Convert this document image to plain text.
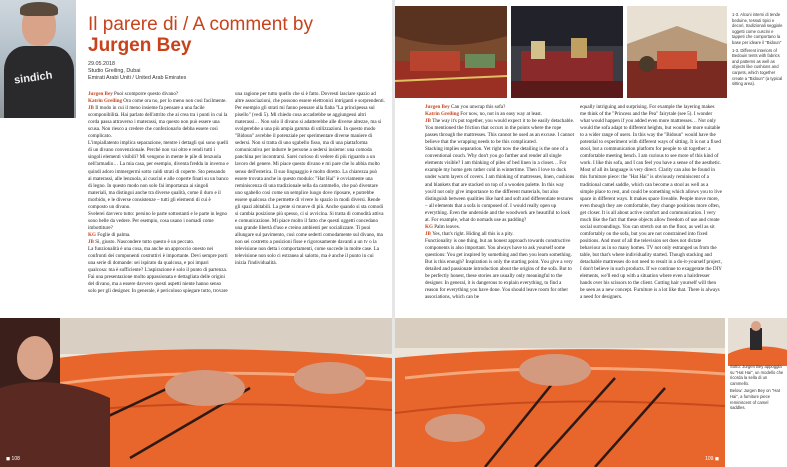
sindich
Il parere di / A comment by
Jurgen Bey
29.05.2018
Studio Greiling, Dubai
Emirati Arabi Uniti / United Arab Emirates

Jurgen Bey Puoi scomporre questo divano?

Katrin Greiling Ora come ora no, per lo meno non così facilmente.

JB Il modo in cui il meno insieme fa pensare a una facile scomponibilità. Hai parlato dell'attrito che ai crea tra i punti in cui la corda passa attraverso i materassi, ma questo non può essere una scusa. Non riesco a credere che confezionarlo debba essere così complicato.

L'impiallatento implica separazione, mentre i dettagli qui sono quelli di un divano convenzionale. Perché non vai oltre e rendi tutti i singoli elementi visibili? Mi vengono in mente le pile di lenzuola nell'armadio… La mia casa, per esempio, diventa fredda in inverno e quindi adoro immergermi sotto caldi strati di coperte. Sto pensando ai materassi, alle lenzuola, ai cuscini e alle coperte finati su un banco di legno. In questo modo non solo fai importanza ai singoli materiali, ma distingui anche tra diverse qualità, come il duro e il morbido, e le diverse consistenze – tutti gli elementi di cui è composto un divano.

Svelerei davvero tutto: persino le parte sottostanti e le parte in legno sono belle da vedere. Per esempio, cosa usano i nomadi come imbottiture?

KG Foglie di palma.

JB Sì, giusto. Nascondere tutto questo è un peccato.

La funzionalità è una cosa, ma anche un approccio onesto nei confronti dei componenti costruttivi è importante. Devi sempre porti una serie di domande: sei ispirato da qualcosa, e poi impari qualcosa: ma è sufficiente? L'aspirazione è solo il punto di partenza. Fai una presentazione molto appassionata e dettagliata delle origini del divano, ma a essere davvero questi aspetti niente hanno senso solo per gli designer. In generale, è pericoloso spiegare tutto, trovare

una ragione per tutto quello che si è fatto. Dovresti lasciare spazio ad altre associazioni, che possono essere elettronici intriganti e sorprendenti. Per esempio gli strati mi fanno pensare alla fiaba "La principessa sul pisello" (vedi 5). Mi chiedo cosa accadrebbe se aggiungessi altri materassi… Non solo il divano si adatterebbe alle diverse altezze, ma si svolgerebbe a una più ampia gamma di utilizzazioni. In questo modo "Bidoun" avrebbe il potenziale per sperimentare diverse maniere di sedersi. Non si tratta di uno sgabello fisso, ma di una piattaforma comunicativa per indurre le persone a sedersi insieme: una comoda panchina per incontrarsi. Sarei curioso di vedere di più riguardo a un lavoro del genere. Mi piace questo divano e mi pare che lo abbia molto senso dell'estetica. Il suo linguaggio è molto diretto. La chiarezza può essere trovata anche in questo modulo: "Hat Hai" è ovviamente una reminiscenza di una tradizionale sella da cammello, che può diventare uno sgabello così come un semplice luogo dove riposare, e potrebbe essere qualcosa che permette di vivere lo spazio in modi diversi. Rende gli spazi abitabili. La gente si muove di più. Anche quando si sta comodi si cambia posizione più spesso, ci si avvicina. Si tratta di comodità attiva e comunicazione. Mi piace molto il fatto che questi oggetti concedano una grande libertà d'uso e creino ambienti per socializzare. Ti puoi allungare sul pavimento, così come sederti comodamente sul divano, ma non sei costretto a posizioni fisse e rigorosamente davanti a un tv o la televisione non detta i comportamenti, come succede in molte case. La televisione non solo ci estranea al salotto, ma è anche il punto in cui inizia l'individualità.

◼ 108

1-3. Alcuni interni di tende beduine, tessuti tipici e decori, tradizionali seggiole oggetti come cuscini e tappeti che comportano la base per ideare il "Bidoun"

1-3. Different interiors of Bedouin tents with fabrics and patterns as well as objects like cushions and carpets, which together create a "Bidoun" (a typical sitting area).

Jurgen Bey Can you unwrap this sofa?

Katrin Greiling For now, no, not in an easy way at least.

JB The way it's put together, you would expect it to be easily detachable. You mentioned the friction that occurs in the points where the rope passes through the mattresses. This cannot be used as an excuse. I cannot believe that the wrapping needs to be this complicated.

Stacking implies separation. Yet right now the detailing is the one of a conventional couch. Why don't you go further and render all single elements visible? I am thinking of piles of bed linen in a closet… For example my home gets rather cold in wintertime. Then I love to duck under warm layers of covers. I am thinking of mattresses, linen, cushions and blankets that are stacked on top of a wooden palette. In this way you'd not only give importance to the different materials, but also distinguish between qualities like hard and soft and differentiate textures – all elements that a sofa is composed of. I would really open up everything. Even the underside and the woodwork are beautiful to look at. For example, what do nomads use as padding?

KG Palm leaves.

JB Yes, that's right. Hiding all this is a pity.

Functionality is one thing, but an honest approach towards constructive components is also important. You always have to ask yourself some questions: You get inspired by something and then you learn something. But is this enough? Inspiration is only the starting point. You give a very detailed and passionate introduction about the origins of the sofa. But to be perfectly honest, these stories are usually only meaningful to the designer. In general, it is dangerous to explain everything, to find a reason for everything you have done. You should leave room for other associations, which can be

equally intriguing and surprising. For example the layering makes me think of the "Princess and the Pea" fairytale (see 5). I wonder what would happen if you added even more mattresses… Not only would the sofa adapt to different heights, but would be more suitable to a wider range of users. In this way the "Bidoun" would have the potential to experiment with different ways of sitting. It is not a fixed stool, but a communication platform for people to sit together: a comfortable meeting bench. I am curious to see more of this kind of work. I like this sofa, and I can feel you have a sense of the aesthetic. Most of all its language is very direct. Clarity can also be found in this furniture piece: the "Hat Hai" is obviously reminiscent of a traditional camel saddle, which can become a stool as well as a simple place to rest, and could be something which allows you to live space in different ways. It makes space liveable. People move more, even though they are comfortable, they change positions more often, get closer. It is all about active comfort and communication. I very much like the fact that these objects allow freedom of use and create social surroundings. You can stretch out on the floor, as well as sit comfortably on the sofa, but you are not constrained into fixed positions. And most of all the television set does not dictate behaviour as in so many homes. TV not only estranged us from the table, but that's where individuality started. Though stacking and detachable mattresses do not need to result in a do-it-yourself project, I don't believe in such products. If we continue to exaggerate the DIY elements, we'll end up with a situation where even a hairdresser hands over his scissors to the client. Cutting hair yourself will then be seen as a new concept. Furniture is a lot like that. There is always a need for designers.

109 ◼

Sotto: Jurgen Bey appoggia su "Hat Hai", un modello che ricorda la sella di un cammello.

Below: Jurgen Bey on "Hat Hai", a furniture piece reminiscent of camel saddles.
